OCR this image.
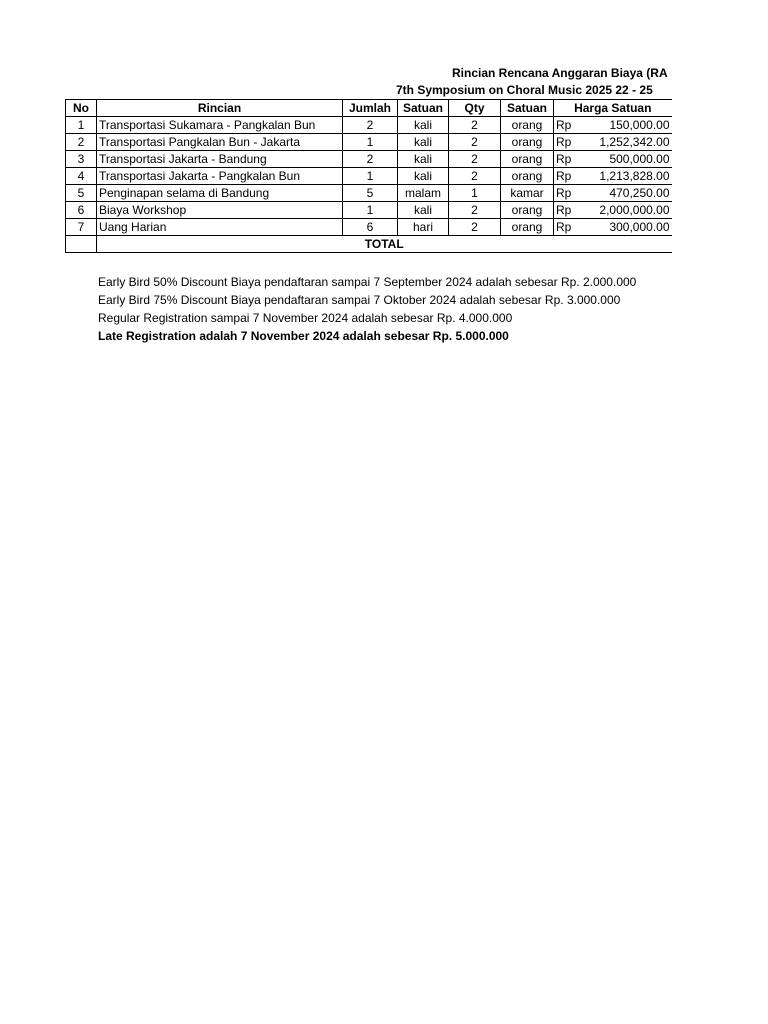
Rincian Rencana Anggaran Biaya (RA
7th Symposium on Choral Music 2025 22 - 25
No	Rincian	Jumlah	Satuan	Qty	Satuan	Harga Satuan
1	Transportasi Sukamara - Pangkalan Bun	2	kali	2	orang	Rp 150,000.00

2	Transportasi Pangkalan Bun - Jakarta	1	kali	2	orang	Rp 1,252,342.00

3	Transportasi Jakarta - Bandung	2	kali	2	orang	Rp 500,000.00

4	Transportasi Jakarta - Pangkalan Bun	1	kali	2	orang	Rp 1,213,828.00

5	Penginapan selama di Bandung	5	malam	1	kamar	Rp 470,250.00

6	Biaya Workshop	1	kali	2	orang	Rp 2,000,000.00

7	Uang Harian	6	hari	2	orang	Rp 300,000.00

	TOTAL					
Early Bird 50% Discount Biaya pendaftaran sampai 7 September 2024 adalah sebesar Rp. 2.000.000
Early Bird 75% Discount Biaya pendaftaran sampai 7 Oktober 2024 adalah sebesar Rp. 3.000.000
Regular Registration sampai 7 November 2024 adalah sebesar Rp. 4.000.000
Late Registration adalah 7 November 2024 adalah sebesar Rp. 5.000.000
